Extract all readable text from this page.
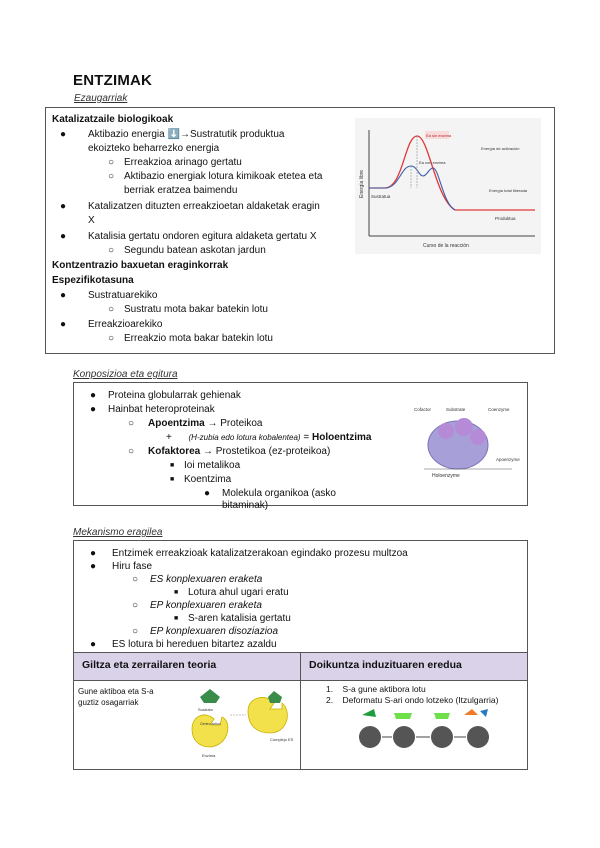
ENTZIMAK
Ezaugarriak
Katalizatzaile biologikoak
● Aktibazio energia ⬇️→Sustratutik produktua
ekoizteko beharrezko energia
○ Erreakzioa arinago gertatu
○ Aktibazio energiak lotura kimikoak etetea eta
berriak eratzea baimendu
● Katalizatzen dituzten erreakzioetan aldaketak eragin
X
● Katalisia gertatu ondoren egitura aldaketa gertatu X
○ Segundu batean askotan jardun
Kontzentrazio baxuetan eraginkorrak
Espezifikotasuna
● Sustratuarekiko
○ Sustratu mota bakar batekin lotu
● Erreakzioarekiko
○ Erreakzio mota bakar batekin lotu
Energia libre
Curso de la reacción
Ea sin enzima
Ea con enzima
Energía de activación
Energía total liberada
Sustratua
Produktua
Konposizioa eta egitura
● Proteina globularrak gehienak
● Hainbat heteroproteinak
○ Apoentzima → Proteikoa
+ (H-zubia edo lotura kobalentea) = Holoentzima
○ Kofaktorea → Prostetikoa (ez-proteikoa)
■ Ioi metalikoa
■ Koentzima
● Molekula organikoa (asko
bitaminak)
Cofactor	Substrate	Coenzyme
Apoenzyme
Holoenzyme
Mekanismo eragilea
● Entzimek erreakzioak katalizatzerakoan egindako prozesu multzoa
● Hiru fase
○ ES konplexuaren eraketa
■ Lotura ahul ugari eratu
○ EP konplexuaren eraketa
■ S-aren katalisia gertatu
○ EP konplexuaren disoziazioa
● ES lotura bi hereduen bitartez azaldu
Giltza eta zerrailaren teoria	Doikuntza induzituaren eredua
Gune aktiboa eta S-a
guztiz osagarriak
Sustrato
Centro activo
Enzima
Complejo ES
1. S-a gune aktibora lotu
2. Deformatu S-ari ondo lotzeko (Itzulgarria)
